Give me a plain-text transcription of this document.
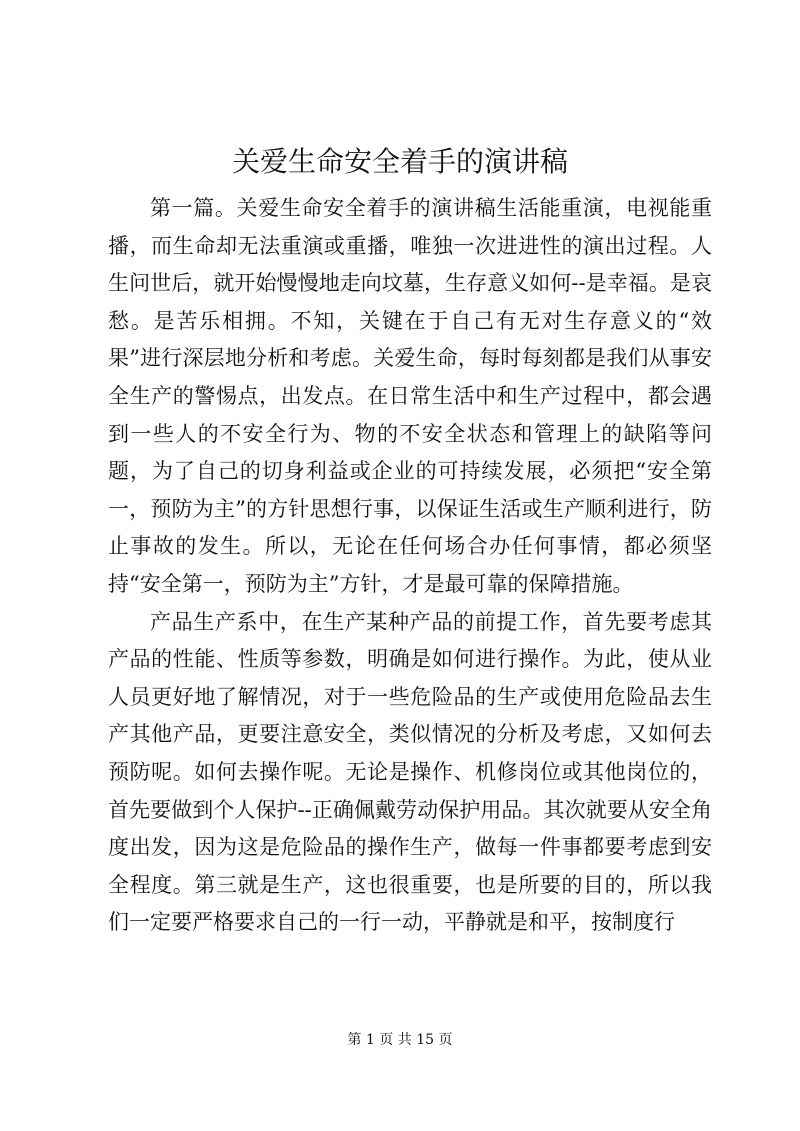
关爱生命安全着手的演讲稿

第一篇。关爱生命安全着手的演讲稿生活能重演，电视能重播，而生命却无法重演或重播，唯独一次进进性的演出过程。人生问世后，就开始慢慢地走向坟墓，生存意义如何--是幸福。是哀愁。是苦乐相拥。不知，关键在于自己有无对生存意义的“效果”进行深层地分析和考虑。关爱生命，每时每刻都是我们从事安全生产的警惕点，出发点。在日常生活中和生产过程中，都会遇到一些人的不安全行为、物的不安全状态和管理上的缺陷等问题，为了自己的切身利益或企业的可持续发展，必须把“安全第一，预防为主”的方针思想行事，以保证生活或生产顺利进行，防止事故的发生。所以，无论在任何场合办任何事情，都必须坚持“安全第一，预防为主”方针，才是最可靠的保障措施。

产品生产系中，在生产某种产品的前提工作，首先要考虑其产品的性能、性质等参数，明确是如何进行操作。为此，使从业人员更好地了解情况，对于一些危险品的生产或使用危险品去生产其他产品，更要注意安全，类似情况的分析及考虑，又如何去预防呢。如何去操作呢。无论是操作、机修岗位或其他岗位的，首先要做到个人保护--正确佩戴劳动保护用品。其次就要从安全角度出发，因为这是危险品的操作生产，做每一件事都要考虑到安全程度。第三就是生产，这也很重要，也是所要的目的，所以我们一定要严格要求自己的一行一动，平静就是和平，按制度行

第 1 页 共 15 页
